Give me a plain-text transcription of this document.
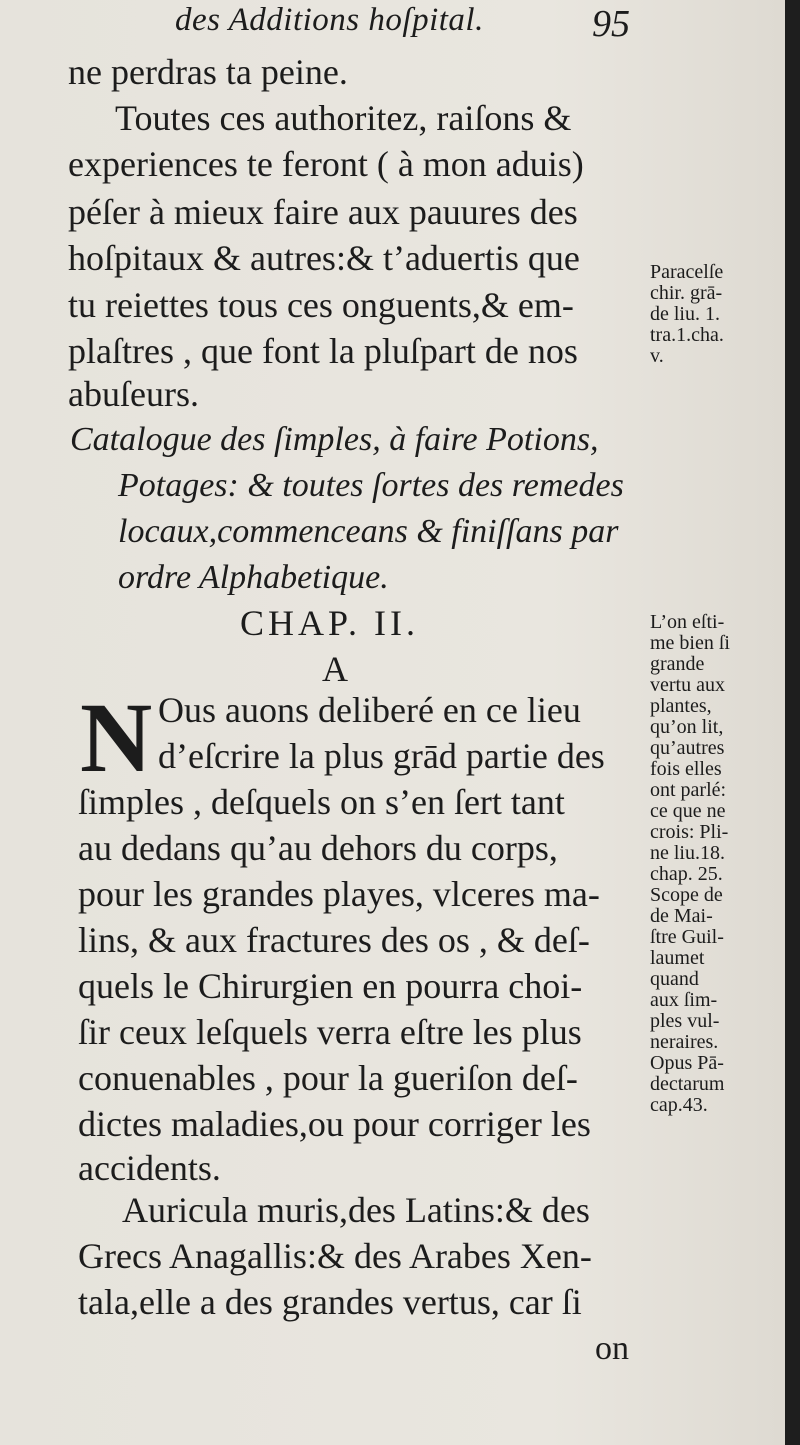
des Additions hoſpital.	95
ne perdras ta peine.
Toutes ces authoritez, raiſons &
experiences te feront ( à mon aduis)
péſer à mieux faire aux pauures des
hoſpitaux & autres:& t’aduertis que
tu reiettes tous ces onguents,& em-
plaſtres , que font la pluſpart de nos
abuſeurs.
Catalogue des ſimples, à faire Potions,
Potages: & toutes ſortes des remedes
locaux,commenceans & finiſſans par
ordre Alphabetique.
CHAP. II.
A
N Ous auons deliberé en ce lieu
d’eſcrire la plus grād partie des
ſimples , deſquels on s’en ſert tant
au dedans qu’au dehors du corps,
pour les grandes playes, vlceres ma-
lins, & aux fractures des os , & deſ-
quels le Chirurgien en pourra choi-
ſir ceux leſquels verra eſtre les plus
conuenables , pour la gueriſon deſ-
dictes maladies,ou pour corriger les
accidents.
Auricula muris,des Latins:& des
Grecs Anagallis:& des Arabes Xen-
tala,elle a des grandes vertus, car ſi
on
Paracelſe
chir. grā-
de liu. 1.
tra.1.cha.
v.
L’on eſti-
me bien ſi
grande
vertu aux
plantes,
qu’on lit,
qu’autres
fois elles
ont parlé:
ce que ne
crois: Pli-
ne liu.18.
chap. 25.
Scope de
de Mai-
ſtre Guil-
laumet
quand
aux ſim-
ples vul-
neraires.
Opus Pā-
dectarum
cap.43.
